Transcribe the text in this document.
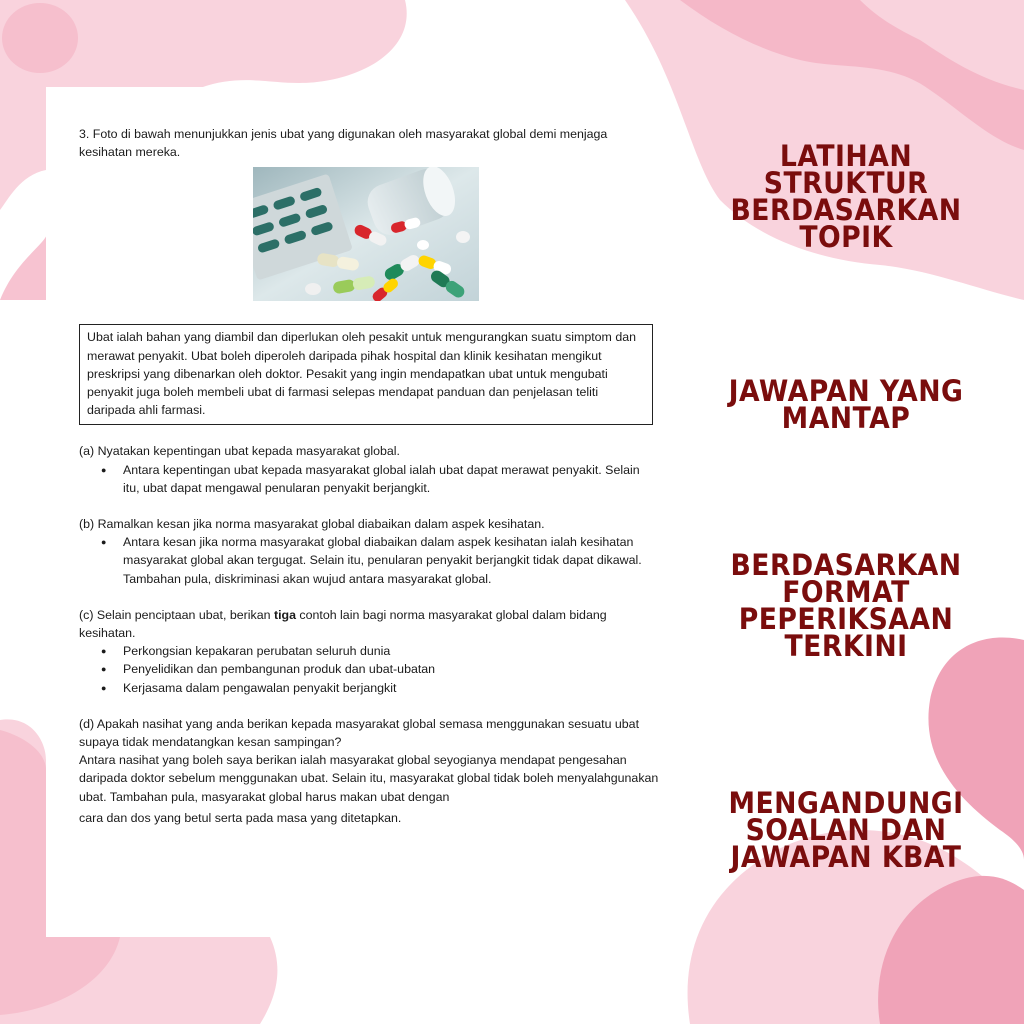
3. Foto di bawah menunjukkan jenis ubat yang digunakan oleh masyarakat global demi menjaga kesihatan mereka.

Ubat ialah bahan yang diambil dan diperlukan oleh pesakit untuk mengurangkan suatu simptom dan merawat penyakit. Ubat boleh diperoleh daripada pihak hospital dan klinik kesihatan mengikut preskripsi yang dibenarkan oleh doktor. Pesakit yang ingin mendapatkan ubat untuk mengubati penyakit juga boleh membeli ubat di farmasi selepas mendapat panduan dan penjelasan teliti daripada ahli farmasi.

(a) Nyatakan kepentingan ubat kepada masyarakat global.

● Antara kepentingan ubat kepada masyarakat global ialah ubat dapat merawat penyakit. Selain itu, ubat dapat mengawal penularan penyakit berjangkit.

(b) Ramalkan kesan jika norma masyarakat global diabaikan dalam aspek kesihatan.

● Antara kesan jika norma masyarakat global diabaikan dalam aspek kesihatan ialah kesihatan masyarakat global akan tergugat. Selain itu, penularan penyakit berjangkit tidak dapat dikawal. Tambahan pula, diskriminasi akan wujud antara masyarakat global.

(c) Selain penciptaan ubat, berikan tiga contoh lain bagi norma masyarakat global dalam bidang kesihatan.

● Perkongsian kepakaran perubatan seluruh dunia
● Penyelidikan dan pembangunan produk dan ubat-ubatan
● Kerjasama dalam pengawalan penyakit berjangkit

(d) Apakah nasihat yang anda berikan kepada masyarakat global semasa menggunakan sesuatu ubat supaya tidak mendatangkan kesan sampingan?

Antara nasihat yang boleh saya berikan ialah masyarakat global seyogianya mendapat pengesahan daripada doktor sebelum menggunakan ubat. Selain itu, masyarakat global tidak boleh menyalahgunakan ubat. Tambahan pula, masyarakat global harus makan ubat dengan
cara dan dos yang betul serta pada masa yang ditetapkan.

LATIHAN
STRUKTUR
BERDASARKAN
TOPIK
JAWAPAN YANG
MANTAP
BERDASARKAN
FORMAT
PEPERIKSAAN
TERKINI
MENGANDUNGI
SOALAN DAN
JAWAPAN KBAT
